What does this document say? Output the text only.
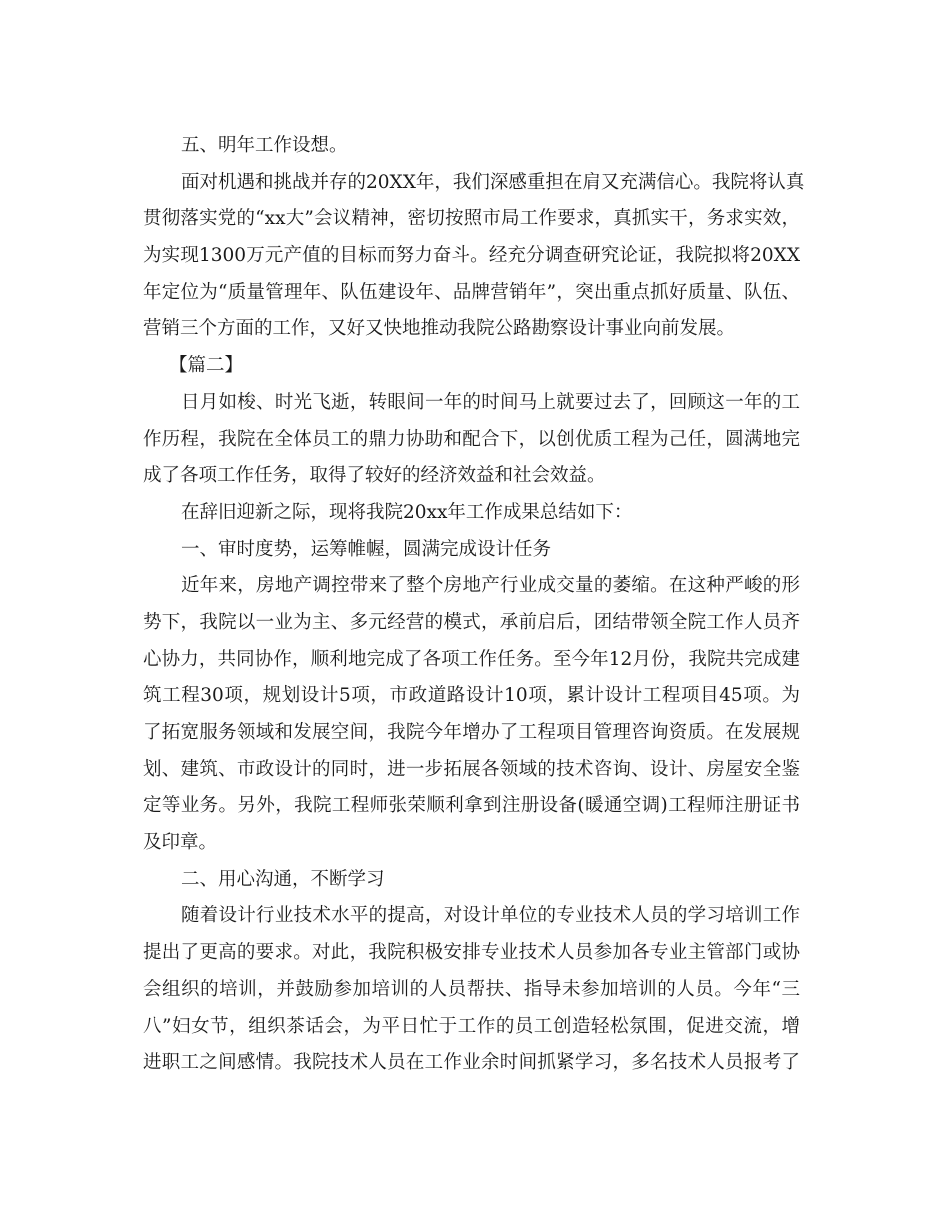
五、明年工作设想。
面对机遇和挑战并存的20XX年，我们深感重担在肩又充满信心。我院将认真
贯彻落实党的“xx大”会议精神，密切按照市局工作要求，真抓实干，务求实效，
为实现1300万元产值的目标而努力奋斗。经充分调查研究论证，我院拟将20XX
年定位为“质量管理年、队伍建设年、品牌营销年”，突出重点抓好质量、队伍、
营销三个方面的工作，又好又快地推动我院公路勘察设计事业向前发展。
【篇二】
日月如梭、时光飞逝，转眼间一年的时间马上就要过去了，回顾这一年的工
作历程，我院在全体员工的鼎力协助和配合下，以创优质工程为己任，圆满地完
成了各项工作任务，取得了较好的经济效益和社会效益。
在辞旧迎新之际，现将我院20xx年工作成果总结如下：
一、审时度势，运筹帷幄，圆满完成设计任务
近年来，房地产调控带来了整个房地产行业成交量的萎缩。在这种严峻的形
势下，我院以一业为主、多元经营的模式，承前启后，团结带领全院工作人员齐
心协力，共同协作，顺利地完成了各项工作任务。至今年12月份，我院共完成建
筑工程30项，规划设计5项，市政道路设计10项，累计设计工程项目45项。为
了拓宽服务领域和发展空间，我院今年增办了工程项目管理咨询资质。在发展规
划、建筑、市政设计的同时，进一步拓展各领域的技术咨询、设计、房屋安全鉴
定等业务。另外，我院工程师张荣顺利拿到注册设备(暖通空调)工程师注册证书
及印章。
二、用心沟通，不断学习
随着设计行业技术水平的提高，对设计单位的专业技术人员的学习培训工作
提出了更高的要求。对此，我院积极安排专业技术人员参加各专业主管部门或协
会组织的培训，并鼓励参加培训的人员帮扶、指导未参加培训的人员。今年“三
八”妇女节，组织茶话会，为平日忙于工作的员工创造轻松氛围，促进交流，增
进职工之间感情。我院技术人员在工作业余时间抓紧学习，多名技术人员报考了
